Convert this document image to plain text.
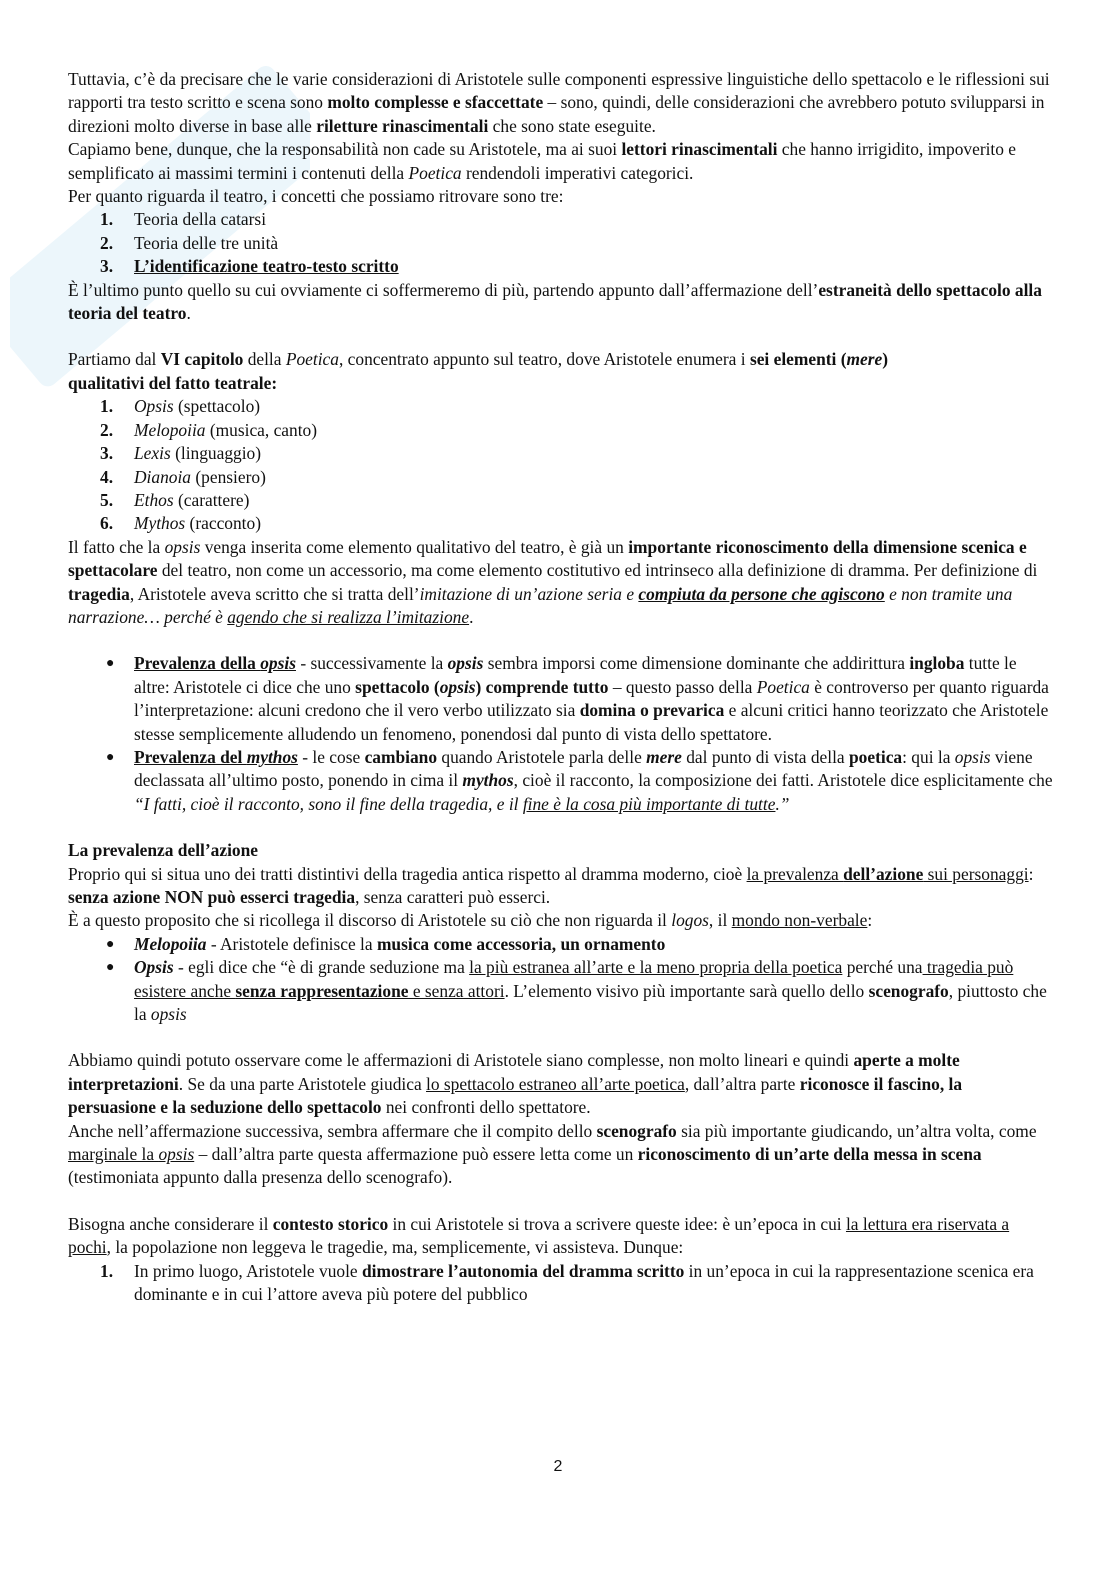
Tuttavia, c’è da precisare che le varie considerazioni di Aristotele sulle componenti espressive linguistiche dello spettacolo e le riflessioni sui rapporti tra testo scritto e scena sono molto complesse e sfaccettate – sono, quindi, delle considerazioni che avrebbero potuto svilupparsi in direzioni molto diverse in base alle riletture rinascimentali che sono state eseguite.

Capiamo bene, dunque, che la responsabilità non cade su Aristotele, ma ai suoi lettori rinascimentali che hanno irrigidito, impoverito e semplificato ai massimi termini i contenuti della Poetica rendendoli imperativi categorici.

Per quanto riguarda il teatro, i concetti che possiamo ritrovare sono tre:

1. Teoria della catarsi
2. Teoria delle tre unità
3. L’identificazione teatro-testo scritto

È l’ultimo punto quello su cui ovviamente ci soffermeremo di più, partendo appunto dall’affermazione dell’estraneità dello spettacolo alla teoria del teatro.

Partiamo dal VI capitolo della Poetica, concentrato appunto sul teatro, dove Aristotele enumera i sei elementi (mere)
qualitativi del fatto teatrale:

1. Opsis (spettacolo)
2. Melopoiia (musica, canto)
3. Lexis (linguaggio)
4. Dianoia (pensiero)
5. Ethos (carattere)
6. Mythos (racconto)

Il fatto che la opsis venga inserita come elemento qualitativo del teatro, è già un importante riconoscimento della dimensione scenica e spettacolare del teatro, non come un accessorio, ma come elemento costitutivo ed intrinseco alla definizione di dramma. Per definizione di tragedia, Aristotele aveva scritto che si tratta dell’imitazione di un’azione seria e compiuta da persone che agiscono e non tramite una narrazione… perché è agendo che si realizza l’imitazione.

● Prevalenza della opsis - successivamente la opsis sembra imporsi come dimensione dominante che addirittura ingloba tutte le altre: Aristotele ci dice che uno spettacolo (opsis) comprende tutto – questo passo della Poetica è controverso per quanto riguarda l’interpretazione: alcuni credono che il vero verbo utilizzato sia domina o prevarica e alcuni critici hanno teorizzato che Aristotele stesse semplicemente alludendo un fenomeno, ponendosi dal punto di vista dello spettatore.
● Prevalenza del mythos - le cose cambiano quando Aristotele parla delle mere dal punto di vista della poetica: qui la opsis viene declassata all’ultimo posto, ponendo in cima il mythos, cioè il racconto, la composizione dei fatti. Aristotele dice esplicitamente che “I fatti, cioè il racconto, sono il fine della tragedia, e il fine è la cosa più importante di tutte.”

La prevalenza dell’azione

Proprio qui si situa uno dei tratti distintivi della tragedia antica rispetto al dramma moderno, cioè la prevalenza dell’azione sui personaggi: senza azione NON può esserci tragedia, senza caratteri può esserci.

È a questo proposito che si ricollega il discorso di Aristotele su ciò che non riguarda il logos, il mondo non-verbale:

● Melopoiia - Aristotele definisce la musica come accessoria, un ornamento
● Opsis - egli dice che “è di grande seduzione ma la più estranea all’arte e la meno propria della poetica perché una tragedia può esistere anche senza rappresentazione e senza attori. L’elemento visivo più importante sarà quello dello scenografo, piuttosto che la opsis

Abbiamo quindi potuto osservare come le affermazioni di Aristotele siano complesse, non molto lineari e quindi aperte a molte interpretazioni. Se da una parte Aristotele giudica lo spettacolo estraneo all’arte poetica, dall’altra parte riconosce il fascino, la persuasione e la seduzione dello spettacolo nei confronti dello spettatore.

Anche nell’affermazione successiva, sembra affermare che il compito dello scenografo sia più importante giudicando, un’altra volta, come marginale la opsis – dall’altra parte questa affermazione può essere letta come un riconoscimento di un’arte della messa in scena (testimoniata appunto dalla presenza dello scenografo).

Bisogna anche considerare il contesto storico in cui Aristotele si trova a scrivere queste idee: è un’epoca in cui la lettura era riservata a pochi, la popolazione non leggeva le tragedie, ma, semplicemente, vi assisteva. Dunque:

1. In primo luogo, Aristotele vuole dimostrare l’autonomia del dramma scritto in un’epoca in cui la rappresentazione scenica era dominante e in cui l’attore aveva più potere del pubblico
2
